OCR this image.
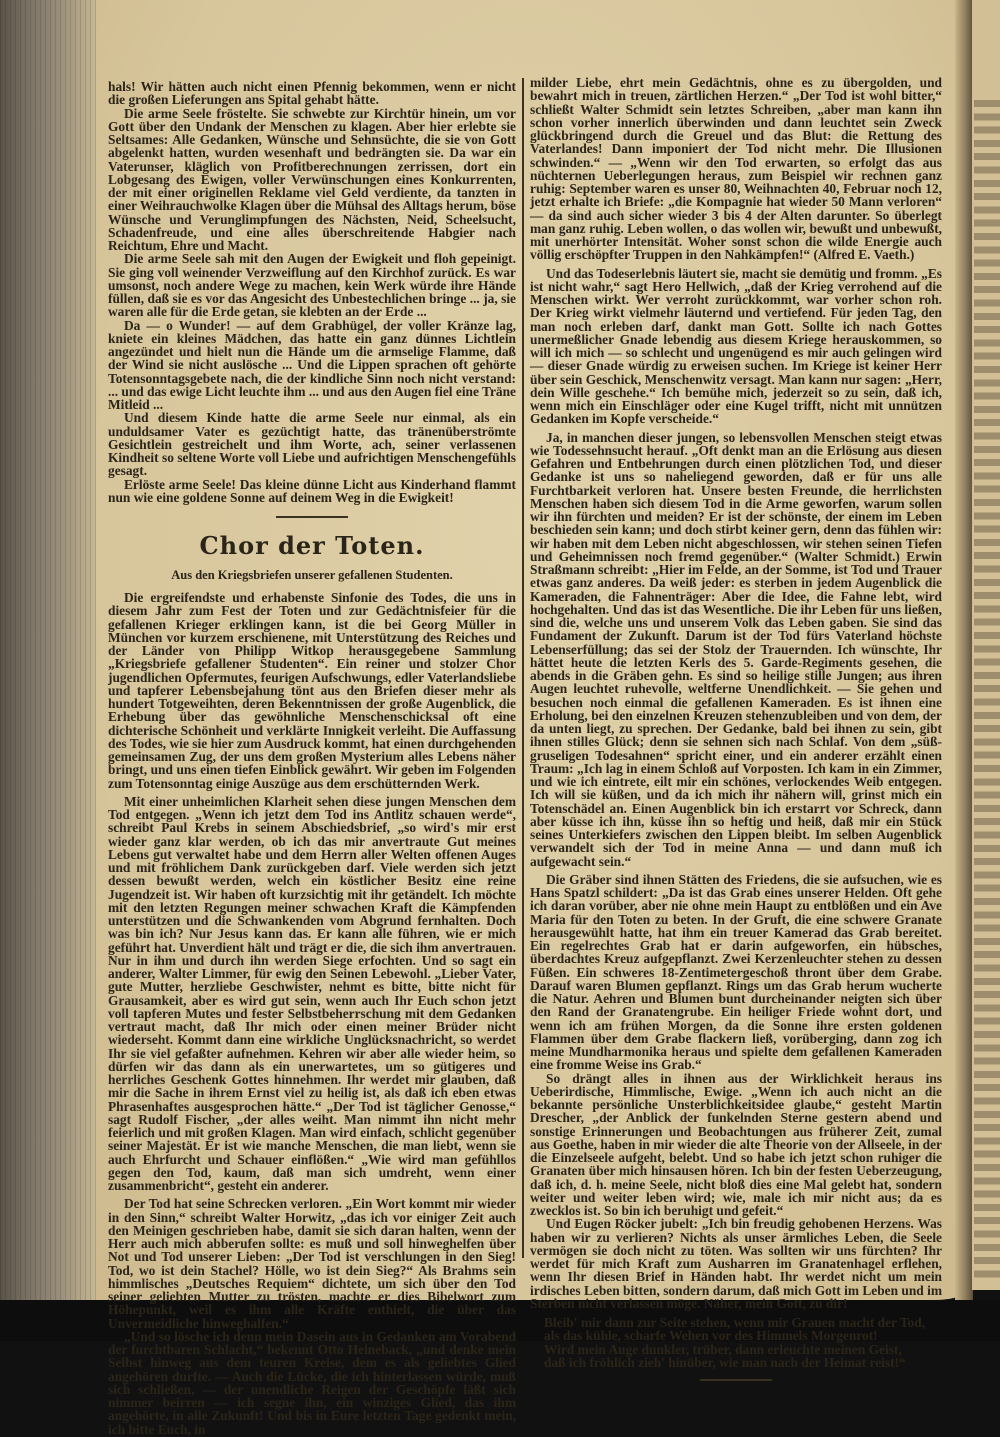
hals! Wir hätten auch nicht einen Pfennig bekommen, wenn er nicht die großen Lieferungen ans Spital gehabt hätte.

Die arme Seele fröstelte. Sie schwebte zur Kirchtür hinein, um vor Gott über den Undank der Menschen zu klagen. Aber hier erlebte sie Seltsames: Alle Gedanken, Wünsche und Sehnsüchte, die sie von Gott abgelenkt hatten, wurden wesenhaft und bedrängten sie. Da war ein Vaterunser, kläglich von Profitberechnungen zerrissen, dort ein Lobgesang des Ewigen, voller Verwünschungen eines Konkurrenten, der mit einer originellen Reklame viel Geld verdiente, da tanzten in einer Weihrauchwolke Klagen über die Mühsal des Alltags herum, böse Wünsche und Verunglimpfungen des Nächsten, Neid, Scheelsucht, Schadenfreude, und eine alles überschreitende Habgier nach Reichtum, Ehre und Macht.

Die arme Seele sah mit den Augen der Ewigkeit und floh gepeinigt. Sie ging voll weinender Verzweiflung auf den Kirchhof zurück. Es war umsonst, noch andere Wege zu machen, kein Werk würde ihre Hände füllen, daß sie es vor das Angesicht des Unbestechlichen bringe ... ja, sie waren alle für die Erde getan, sie klebten an der Erde ...

Da — o Wunder! — auf dem Grabhügel, der voller Kränze lag, kniete ein kleines Mädchen, das hatte ein ganz dünnes Lichtlein angezündet und hielt nun die Hände um die armselige Flamme, daß der Wind sie nicht auslösche ... Und die Lippen sprachen oft gehörte Totensonntagsgebete nach, die der kindliche Sinn noch nicht verstand: ... und das ewige Licht leuchte ihm ... und aus den Augen fiel eine Träne Mitleid ...

Und diesem Kinde hatte die arme Seele nur einmal, als ein unduldsamer Vater es gezüchtigt hatte, das tränenüberströmte Gesichtlein gestreichelt und ihm Worte, ach, seiner verlassenen Kindheit so seltene Worte voll Liebe und aufrichtigen Menschengefühls gesagt.

Erlöste arme Seele! Das kleine dünne Licht aus Kinderhand flammt nun wie eine goldene Sonne auf deinem Weg in die Ewigkeit!

Chor der Toten.
Aus den Kriegsbriefen unserer gefallenen Studenten.

Die ergreifendste und erhabenste Sinfonie des Todes, die uns in diesem Jahr zum Fest der Toten und zur Gedächtnisfeier für die gefallenen Krieger erklingen kann, ist die bei Georg Müller in München vor kurzem erschienene, mit Unterstützung des Reiches und der Länder von Philipp Witkop herausgegebene Sammlung „Kriegsbriefe gefallener Studenten“. Ein reiner und stolzer Chor jugendlichen Opfermutes, feurigen Aufschwungs, edler Vaterlandsliebe und tapferer Lebensbejahung tönt aus den Briefen dieser mehr als hundert Totgeweihten, deren Bekenntnissen der große Augenblick, die Erhebung über das gewöhnliche Menschenschicksal oft eine dichterische Schönheit und verklärte Innigkeit verleiht. Die Auffassung des Todes, wie sie hier zum Ausdruck kommt, hat einen durchgehenden gemeinsamen Zug, der uns dem großen Mysterium alles Lebens näher bringt, und uns einen tiefen Einblick gewährt. Wir geben im Folgenden zum Totensonntag einige Auszüge aus dem erschütternden Werk.

Mit einer unheimlichen Klarheit sehen diese jungen Menschen dem Tod entgegen. „Wenn ich jetzt dem Tod ins Antlitz schauen werde“, schreibt Paul Krebs in seinem Abschiedsbrief, „so wird's mir erst wieder ganz klar werden, ob ich das mir anvertraute Gut meines Lebens gut verwaltet habe und dem Herrn aller Welten offenen Auges und mit fröhlichem Dank zurückgeben darf. Viele werden sich jetzt dessen bewußt werden, welch ein köstlicher Besitz eine reine Jugendzeit ist. Wir haben oft kurzsichtig mit ihr getändelt. Ich möchte mit den letzten Regungen meiner schwachen Kraft die Kämpfenden unterstützen und die Schwankenden vom Abgrund fernhalten. Doch was bin ich? Nur Jesus kann das. Er kann alle führen, wie er mich geführt hat. Unverdient hält und trägt er die, die sich ihm anvertrauen. Nur in ihm und durch ihn werden Siege erfochten. Und so sagt ein anderer, Walter Limmer, für ewig den Seinen Lebewohl. „Lieber Vater, gute Mutter, herzliebe Geschwister, nehmt es bitte, bitte nicht für Grausamkeit, aber es wird gut sein, wenn auch Ihr Euch schon jetzt voll tapferen Mutes und fester Selbstbeherrschung mit dem Gedanken vertraut macht, daß Ihr mich oder einen meiner Brüder nicht wiederseht. Kommt dann eine wirkliche Unglücksnachricht, so werdet Ihr sie viel gefaßter aufnehmen. Kehren wir aber alle wieder heim, so dürfen wir das dann als ein unerwartetes, um so gütigeres und herrliches Geschenk Gottes hinnehmen. Ihr werdet mir glauben, daß mir die Sache in ihrem Ernst viel zu heilig ist, als daß ich eben etwas Phrasenhaftes ausgesprochen hätte.“ „Der Tod ist täglicher Genosse,“ sagt Rudolf Fischer, „der alles weiht. Man nimmt ihn nicht mehr feierlich und mit großen Klagen. Man wird einfach, schlicht gegenüber seiner Majestät. Er ist wie manche Menschen, die man liebt, wenn sie auch Ehrfurcht und Schauer einflößen.“ „Wie wird man gefühllos gegen den Tod, kaum, daß man sich umdreht, wenn einer zusammenbricht“, gesteht ein anderer.

Der Tod hat seine Schrecken verloren. „Ein Wort kommt mir wieder in den Sinn,“ schreibt Walter Horwitz, „das ich vor einiger Zeit auch den Meinigen geschrieben habe, damit sie sich daran halten, wenn der Herr auch mich abberufen sollte: es muß und soll hinweghelfen über Not und Tod unserer Lieben: „Der Tod ist verschlungen in den Sieg! Tod, wo ist dein Stachel? Hölle, wo ist dein Sieg?“ Als Brahms sein himmlisches „Deutsches Requiem“ dichtete, um sich über den Tod seiner geliebten Mutter zu trösten, machte er dies Bibelwort zum Höhepunkt, weil es ihm alle Kräfte enthielt, die über das Unvermeidliche hinweghalfen.“

„Und so lösche ich denn mein Dasein aus in Gedanken am Vorabend der furchtbaren Schlacht,“ bekennt Otto Heineback, „und denke mein Selbst hinweg aus dem teuren Kreise, dem es als geliebtes Glied angehören durfte. — Auch die Lücke, die ich hinterlassen würde, muß sich schließen, — der unendliche Reigen der Geschöpfe läßt sich nimmer beirren — ich segne ihn, ein winziges Glied, das ihm angehörte, in alle Zukunft! Und bis in Eure letzten Tage gedenkt mein, ich bitte Euch, in

milder Liebe, ehrt mein Gedächtnis, ohne es zu übergolden, und bewahrt mich in treuen, zärtlichen Herzen.“ „Der Tod ist wohl bitter,“ schließt Walter Schmidt sein letztes Schreiben, „aber man kann ihn schon vorher innerlich überwinden und dann leuchtet sein Zweck glückbringend durch die Greuel und das Blut: die Rettung des Vaterlandes! Dann imponiert der Tod nicht mehr. Die Illusionen schwinden.“ — „Wenn wir den Tod erwarten, so erfolgt das aus nüchternen Ueberlegungen heraus, zum Beispiel wir rechnen ganz ruhig: September waren es unser 80, Weihnachten 40, Februar noch 12, jetzt erhalte ich Briefe: „die Kompagnie hat wieder 50 Mann verloren“ — da sind auch sicher wieder 3 bis 4 der Alten darunter. So überlegt man ganz ruhig. Leben wollen, o das wollen wir, bewußt und unbewußt, mit unerhörter Intensität. Woher sonst schon die wilde Energie auch völlig erschöpfter Truppen in den Nahkämpfen!“ (Alfred E. Vaeth.)

Und das Todeserlebnis läutert sie, macht sie demütig und fromm. „Es ist nicht wahr,“ sagt Hero Hellwich, „daß der Krieg verrohend auf die Menschen wirkt. Wer verroht zurückkommt, war vorher schon roh. Der Krieg wirkt vielmehr läuternd und vertiefend. Für jeden Tag, den man noch erleben darf, dankt man Gott. Sollte ich nach Gottes unermeßlicher Gnade lebendig aus diesem Kriege herauskommen, so will ich mich — so schlecht und ungenügend es mir auch gelingen wird — dieser Gnade würdig zu erweisen suchen. Im Kriege ist keiner Herr über sein Geschick, Menschenwitz versagt. Man kann nur sagen: „Herr, dein Wille geschehe.“ Ich bemühe mich, jederzeit so zu sein, daß ich, wenn mich ein Einschläger oder eine Kugel trifft, nicht mit unnützen Gedanken im Kopfe verscheide.“

Ja, in manchen dieser jungen, so lebensvollen Menschen steigt etwas wie Todessehnsucht herauf. „Oft denkt man an die Erlösung aus diesen Gefahren und Entbehrungen durch einen plötzlichen Tod, und dieser Gedanke ist uns so naheliegend geworden, daß er für uns alle Furchtbarkeit verloren hat. Unsere besten Freunde, die herrlichsten Menschen haben sich diesem Tod in die Arme geworfen, warum sollen wir ihn fürchten und meiden? Er ist der schönste, der einem im Leben beschieden sein kann; und doch stirbt keiner gern, denn das fühlen wir: wir haben mit dem Leben nicht abgeschlossen, wir stehen seinen Tiefen und Geheimnissen noch fremd gegenüber.“ (Walter Schmidt.) Erwin Straßmann schreibt: „Hier im Felde, an der Somme, ist Tod und Trauer etwas ganz anderes. Da weiß jeder: es sterben in jedem Augenblick die Kameraden, die Fahnenträger: Aber die Idee, die Fahne lebt, wird hochgehalten. Und das ist das Wesentliche. Die ihr Leben für uns ließen, sind die, welche uns und unserem Volk das Leben gaben. Sie sind das Fundament der Zukunft. Darum ist der Tod fürs Vaterland höchste Lebenserfüllung; das sei der Stolz der Trauernden. Ich wünschte, Ihr hättet heute die letzten Kerls des 5. Garde-Regiments gesehen, die abends in die Gräben gehn. Es sind so heilige stille Jungen; aus ihren Augen leuchtet ruhevolle, weltferne Unendlichkeit. — Sie gehen und besuchen noch einmal die gefallenen Kameraden. Es ist ihnen eine Erholung, bei den einzelnen Kreuzen stehenzubleiben und von dem, der da unten liegt, zu sprechen. Der Gedanke, bald bei ihnen zu sein, gibt ihnen stilles Glück; denn sie sehnen sich nach Schlaf. Von dem „süß-gruseligen Todesahnen“ spricht einer, und ein anderer erzählt einen Traum: „Ich lag in einem Schloß auf Vorposten. Ich kam in ein Zimmer, und wie ich eintrete, eilt mir ein schönes, verlockendes Weib entgegen. Ich will sie küßen, und da ich mich ihr nähern will, grinst mich ein Totenschädel an. Einen Augenblick bin ich erstarrt vor Schreck, dann aber küsse ich ihn, küsse ihn so heftig und heiß, daß mir ein Stück seines Unterkiefers zwischen den Lippen bleibt. Im selben Augenblick verwandelt sich der Tod in meine Anna — und dann muß ich aufgewacht sein.“

Die Gräber sind ihnen Stätten des Friedens, die sie aufsuchen, wie es Hans Spatzl schildert: „Da ist das Grab eines unserer Helden. Oft gehe ich daran vorüber, aber nie ohne mein Haupt zu entblößen und ein Ave Maria für den Toten zu beten. In der Gruft, die eine schwere Granate herausgewühlt hatte, hat ihm ein treuer Kamerad das Grab bereitet. Ein regelrechtes Grab hat er darin aufgeworfen, ein hübsches, überdachtes Kreuz aufgepflanzt. Zwei Kerzenleuchter stehen zu dessen Füßen. Ein schweres 18-Zentimetergeschoß thront über dem Grabe. Darauf waren Blumen gepflanzt. Rings um das Grab herum wucherte die Natur. Aehren und Blumen bunt durcheinander neigten sich über den Rand der Granatengrube. Ein heiliger Friede wohnt dort, und wenn ich am frühen Morgen, da die Sonne ihre ersten goldenen Flammen über dem Grabe flackern ließ, vorüberging, dann zog ich meine Mundharmonika heraus und spielte dem gefallenen Kameraden eine fromme Weise ins Grab.“

So drängt alles in ihnen aus der Wirklichkeit heraus ins Ueberirdische, Himmlische, Ewige. „Wenn ich auch nicht an die bekannte persönliche Unsterblichkeitsidee glaube,“ gesteht Martin Drescher, „der Anblick der funkelnden Sterne gestern abend und sonstige Erinnerungen und Beobachtungen aus früherer Zeit, zumal aus Goethe, haben in mir wieder die alte Theorie von der Allseele, in der die Einzelseele aufgeht, belebt. Und so habe ich jetzt schon ruhiger die Granaten über mich hinsausen hören. Ich bin der festen Ueberzeugung, daß ich, d. h. meine Seele, nicht bloß dies eine Mal gelebt hat, sondern weiter und weiter leben wird; wie, male ich mir nicht aus; da es zwecklos ist. So bin ich beruhigt und gefeit.“

Und Eugen Röcker jubelt: „Ich bin freudig gehobenen Herzens. Was haben wir zu verlieren? Nichts als unser ärmliches Leben, die Seele vermögen sie doch nicht zu töten. Was sollten wir uns fürchten? Ihr werdet für mich Kraft zum Ausharren im Granatenhagel erflehen, wenn Ihr diesen Brief in Händen habt. Ihr werdet nicht um mein irdisches Leben bitten, sondern darum, daß mich Gott im Leben und im Sterben nicht verlassen möge. Näher, mein Gott, zu dir!

Bleib' mir dann zur Seite stehen, wenn mir Grauen macht der Tod,
als das kühle, scharfe Wehen vor des Himmels Morgenrot!
Wird mein Auge dunkler, trüber, dann erleuchte meinen Geist,
daß ich fröhlich zieh' hinüber, wie man nach der Heimat reist!“
